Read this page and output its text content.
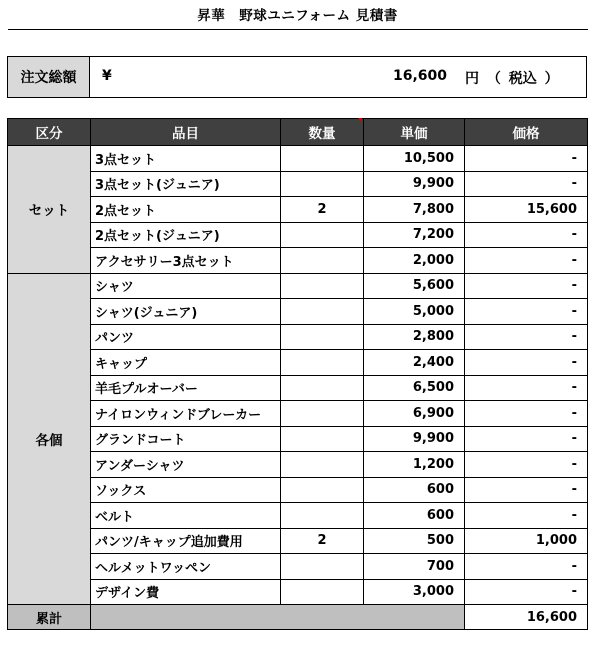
昇華　野球ユニフォーム 見積書
注文総額	¥	16,600 円 （ 税込 ）
区分	品目	数量	単価	価格
セット	3点セット		10,500	-
	3点セット(ジュニア)		9,900	-
	2点セット	2	7,800	15,600
	2点セット(ジュニア)		7,200	-
	アクセサリー3点セット		2,000	-
各個	シャツ		5,600	-
	シャツ(ジュニア)		5,000	-
	パンツ		2,800	-
	キャップ		2,400	-
	羊毛プルオーバー		6,500	-
	ナイロンウィンドブレーカー		6,900	-
	グランドコート		9,900	-
	アンダーシャツ		1,200	-
	ソックス		600	-
	ベルト		600	-
	パンツ/キャップ追加費用	2	500	1,000
	ヘルメットワッペン		700	-
	デザイン費		3,000	-
累計				16,600
